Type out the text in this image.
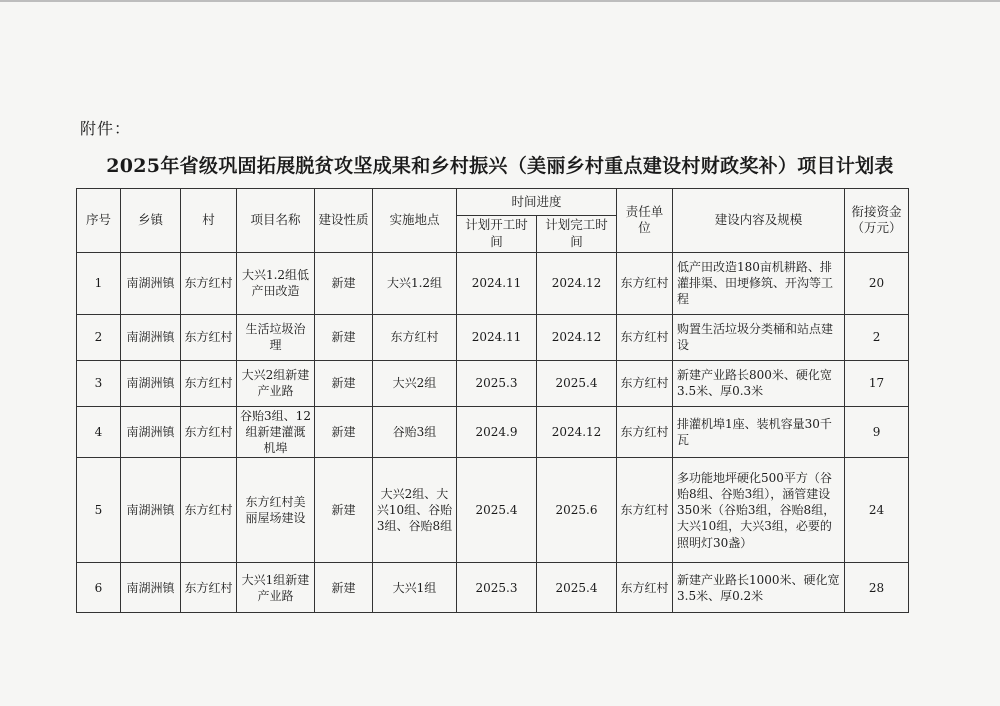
附件：
2025年省级巩固拓展脱贫攻坚成果和乡村振兴（美丽乡村重点建设村财政奖补）项目计划表
序号	乡镇	村	项目名称	建设性质	实施地点	时间进度		责任单位	建设内容及规模	衔接资金（万元）
						计划开工时间	计划完工时间			
1	南湖洲镇	东方红村	大兴1.2组低产田改造	新建	大兴1.2组	2024.11	2024.12	东方红村	低产田改造180亩机耕路、排灌排渠、田埂修筑、开沟等工程	20
2	南湖洲镇	东方红村	生活垃圾治理	新建	东方红村	2024.11	2024.12	东方红村	购置生活垃圾分类桶和站点建设	2
3	南湖洲镇	东方红村	大兴2组新建产业路	新建	大兴2组	2025.3	2025.4	东方红村	新建产业路长800米、硬化宽3.5米、厚0.3米	17
4	南湖洲镇	东方红村	谷贻3组、12组新建灌溉机埠	新建	谷贻3组	2024.9	2024.12	东方红村	排灌机埠1座、装机容量30千瓦	9
5	南湖洲镇	东方红村	东方红村美丽屋场建设	新建	大兴2组、大兴10组、谷贻3组、谷贻8组	2025.4	2025.6	东方红村	多功能地坪硬化500平方（谷贻8组、谷贻3组），涵管建设350米（谷贻3组，谷贻8组，大兴10组，大兴3组，必要的照明灯30盏）	24
6	南湖洲镇	东方红村	大兴1组新建产业路	新建	大兴1组	2025.3	2025.4	东方红村	新建产业路长1000米、硬化宽3.5米、厚0.2米	28
